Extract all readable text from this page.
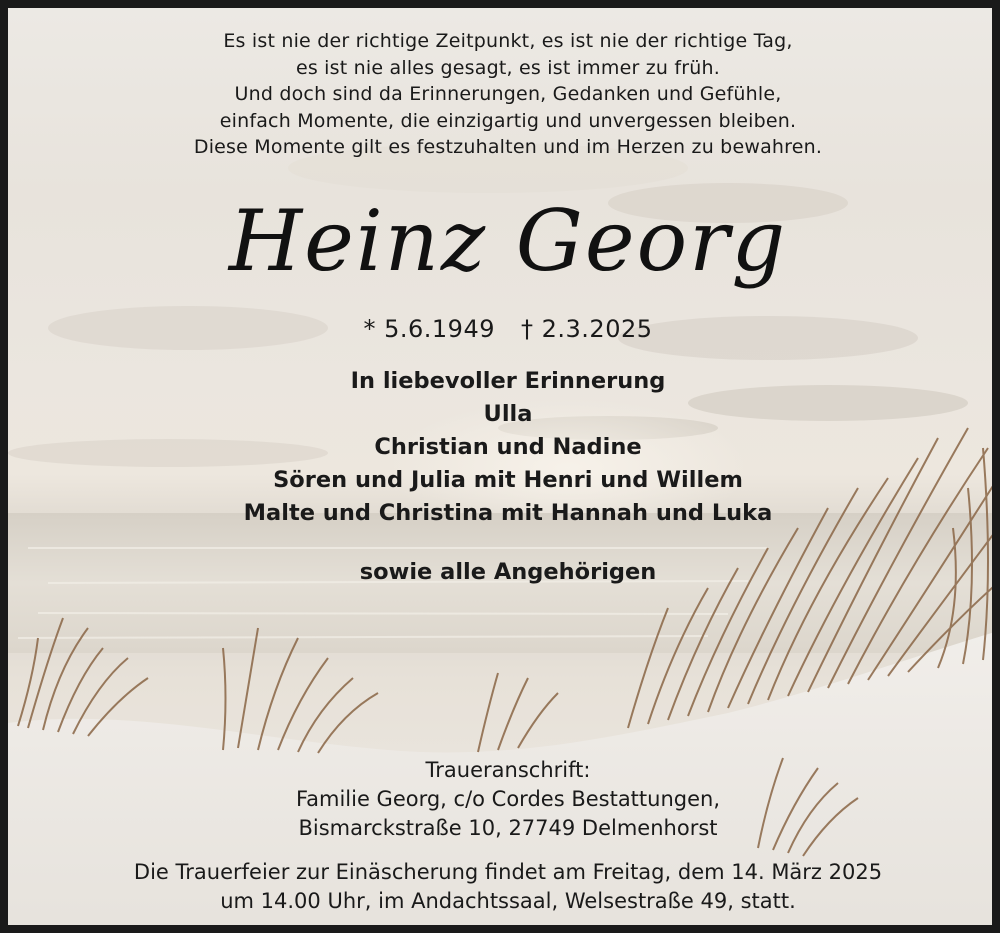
Es ist nie der richtige Zeitpunkt, es ist nie der richtige Tag,
es ist nie alles gesagt, es ist immer zu früh.
Und doch sind da Erinnerungen, Gedanken und Gefühle,
einfach Momente, die einzigartig und unvergessen bleiben.
Diese Momente gilt es festzuhalten und im Herzen zu bewahren.
Heinz Georg
* 5.6.1949 † 2.3.2025
In liebevoller Erinnerung
Ulla
Christian und Nadine
Sören und Julia mit Henri und Willem
Malte und Christina mit Hannah und Luka
sowie alle Angehörigen
Traueranschrift:
Familie Georg, c/o Cordes Bestattungen,
Bismarckstraße 10, 27749 Delmenhorst
Die Trauerfeier zur Einäscherung findet am Freitag, dem 14. März 2025
um 14.00 Uhr, im Andachtssaal, Welsestraße 49, statt.
